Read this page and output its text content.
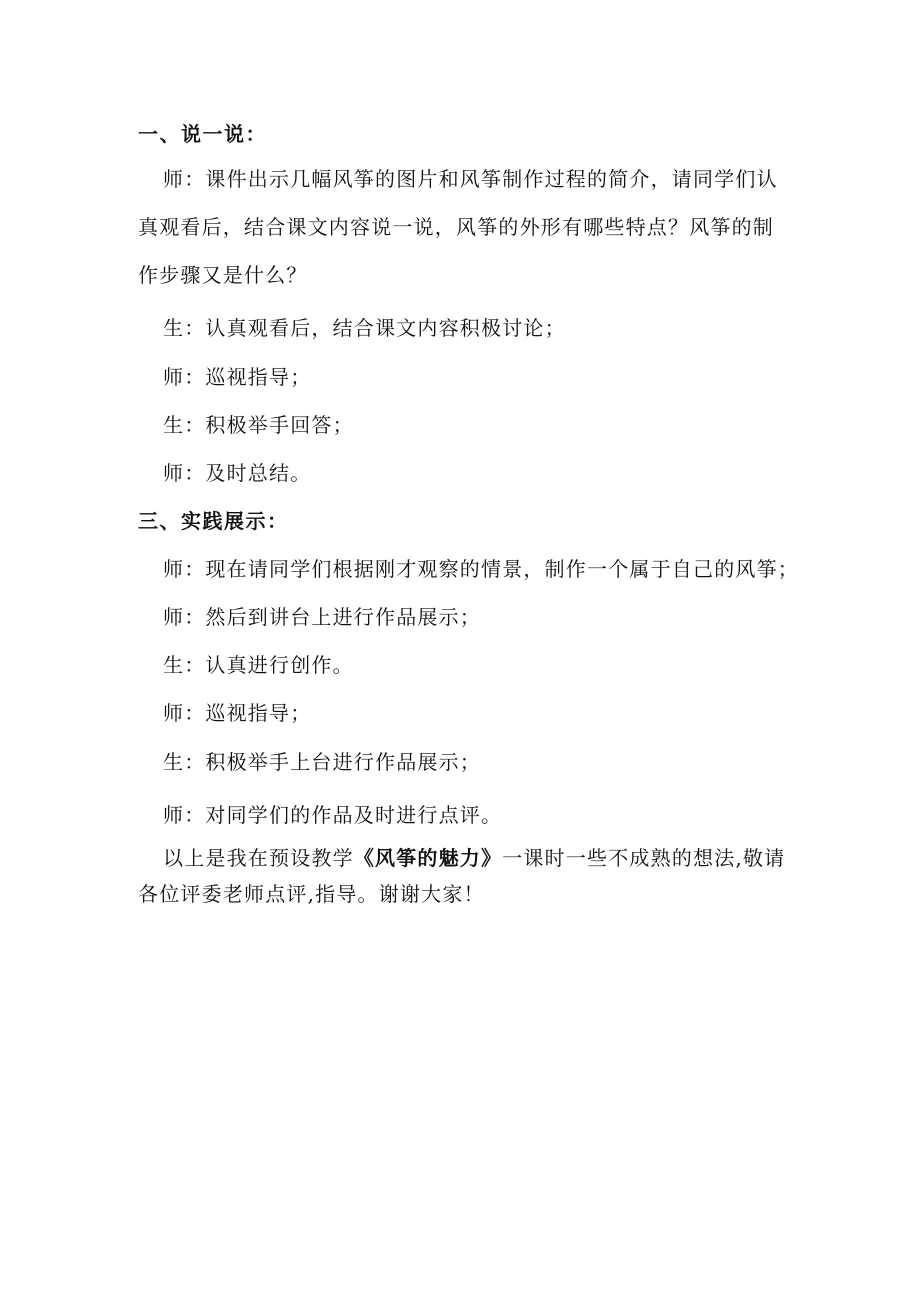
一、说一说：

师：课件出示几幅风筝的图片和风筝制作过程的简介，请同学们认真观看后，结合课文内容说一说，风筝的外形有哪些特点？风筝的制作步骤又是什么？

生：认真观看后，结合课文内容积极讨论；
师：巡视指导；
生：积极举手回答；
师：及时总结。
三、实践展示：
师：现在请同学们根据刚才观察的情景，制作一个属于自己的风筝；
师：然后到讲台上进行作品展示；
生：认真进行创作。
师：巡视指导；
生：积极举手上台进行作品展示；
师：对同学们的作品及时进行点评。

以上是我在预设教学《风筝的魅力》一课时一些不成熟的想法,敬请各位评委老师点评,指导。谢谢大家！
